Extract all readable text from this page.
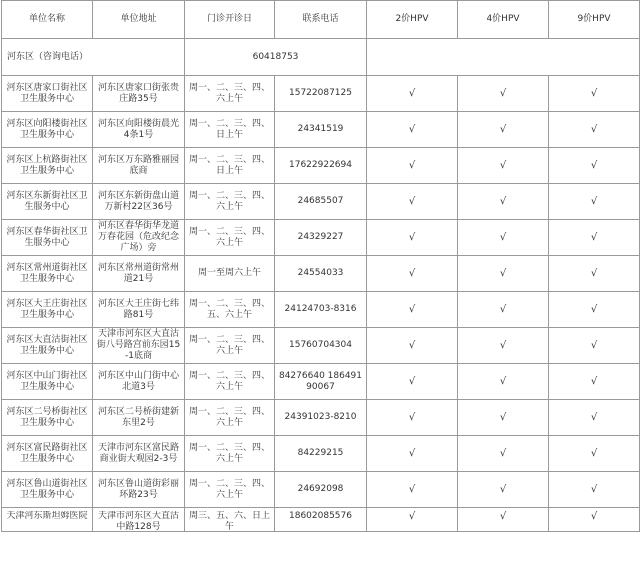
单位名称	单位地址	门诊开诊日	联系电话	2价HPV	4价HPV	9价HPV
河东区（咨询电话）		60418753				
河东区唐家口街社区卫生服务中心	河东区唐家口街张贵庄路35号	周一、二、三、四、六上午	15722087125	√	√	√
河东区向阳楼街社区卫生服务中心	河东区向阳楼街晨光4条1号	周一、二、三、四、日上午	24341519	√	√	√
河东区上杭路街社区卫生服务中心	河东区万东路雅丽园底商	周一、二、三、四、日上午	17622922694	√	√	√
河东区东新街社区卫生服务中心	河东区东新街盘山道万新村22区36号	周一、二、三、四、六上午	24685507	√	√	√
河东区春华街社区卫生服务中心	河东区春华街华龙道万春花园（危改纪念广场）旁	周一、二、三、四、六上午	24329227	√	√	√
河东区常州道街社区卫生服务中心	河东区常州道街常州道21号	周一至周六上午	24554033	√	√	√
河东区大王庄街社区卫生服务中心	河东区大王庄街七纬路81号	周一、二、三、四、五、六上午	24124703-8316	√	√	√
河东区大直沽街社区卫生服务中心	天津市河东区大直沽街八号路宫前东园15-1底商	周一、二、三、四、六上午	15760704304	√	√	√
河东区中山门街社区卫生服务中心	河东区中山门街中心北道3号	周一、二、三、四、六上午	84276640 18649190067	√	√	√
河东区二号桥街社区卫生服务中心	河东区二号桥街建新东里2号	周一、二、三、四、六上午	24391023-8210	√	√	√
河东区富民路街社区卫生服务中心	天津市河东区富民路商业街大观园2-3号	周一、二、三、四、六上午	84229215	√	√	√
河东区鲁山道街社区卫生服务中心	河东区鲁山道街彩丽环路23号	周一、二、三、四、六上午	24692098	√	√	√

天津河东斯坦姆医院	天津市河东区大直沽中路128号	周三、五、六、日上午	18602085576	√	√	√
